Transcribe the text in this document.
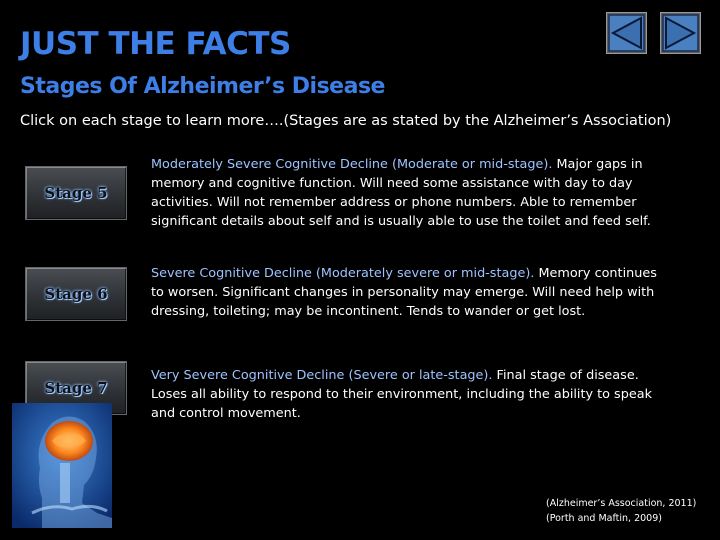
JUST THE FACTS
Stages Of Alzheimer’s Disease
Click on each stage to learn more….(Stages are as stated by the Alzheimer’s Association)
Stage 5
Stage 6
Stage 7
Moderately Severe Cognitive Decline (Moderate or mid-stage). Major gaps in memory and cognitive function. Will need some assistance with day to day activities. Will not remember address or phone numbers. Able to remember significant details about self and is usually able to use the toilet and feed self.
Severe Cognitive Decline (Moderately severe or mid-stage). Memory continues to worsen. Significant changes in personality may emerge. Will need help with dressing, toileting; may be incontinent. Tends to wander or get lost.
Very Severe Cognitive Decline (Severe or late-stage). Final stage of disease. Loses all ability to respond to their environment, including the ability to speak and control movement.
(Alzheimer’s Association, 2011)
(Porth and Maftin, 2009)
